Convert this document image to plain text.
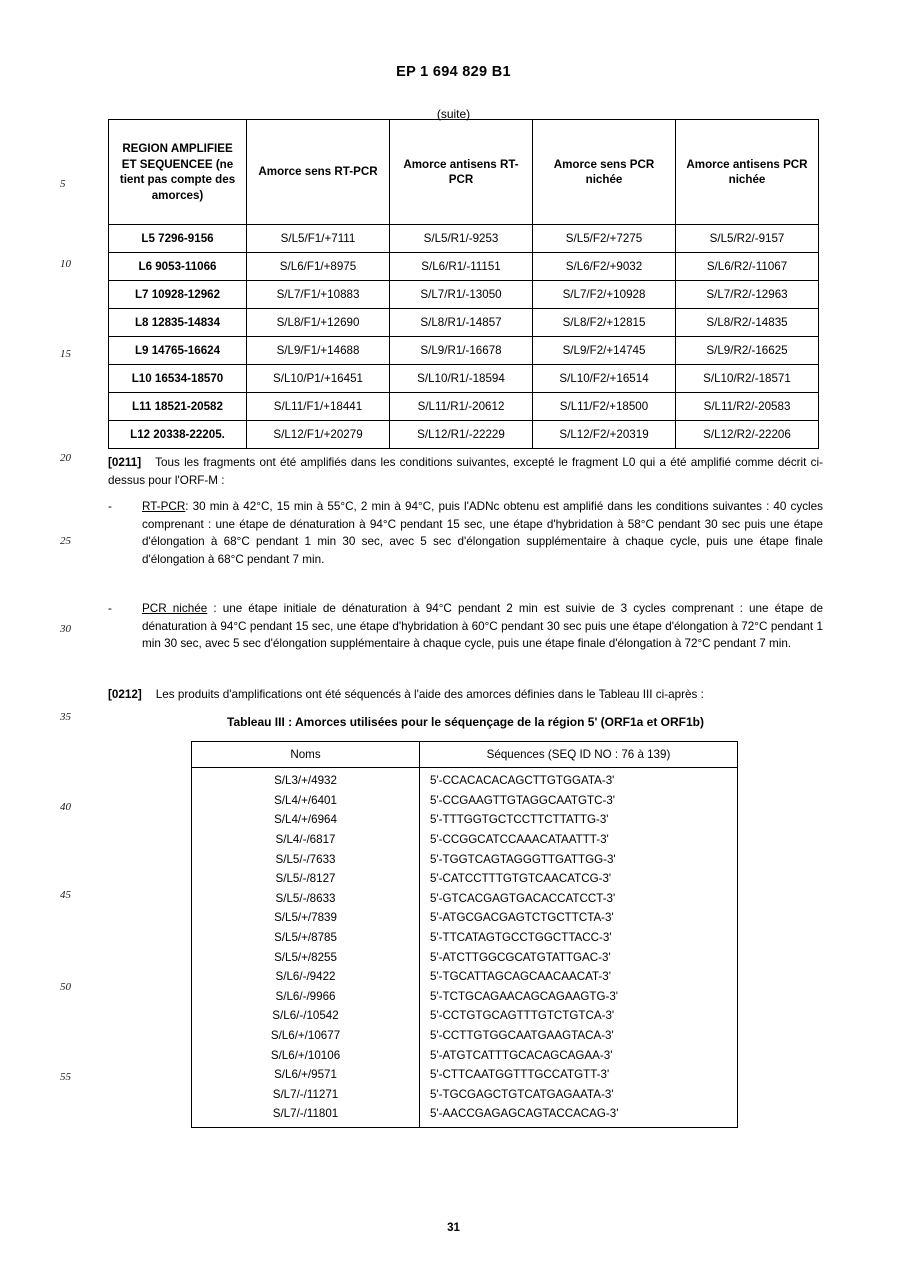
5
10
15
20
25
30
35
40
45
50
55
EP 1 694 829 B1
(suite)
REGION AMPLIFIEE ET SEQUENCEE (ne tient pas compte des amorces)	Amorce sens RT-PCR	Amorce antisens RT-PCR	Amorce sens PCR nichée	Amorce antisens PCR nichée
L5 7296-9156	S/L5/F1/+7111	S/L5/R1/-9253	S/L5/F2/+7275	S/L5/R2/-9157
L6 9053-11066	S/L6/F1/+8975	S/L6/R1/-11151	S/L6/F2/+9032	S/L6/R2/-11067
L7 10928-12962	S/L7/F1/+10883	S/L7/R1/-13050	S/L7/F2/+10928	S/L7/R2/-12963
L8 12835-14834	S/L8/F1/+12690	S/L8/R1/-14857	S/L8/F2/+12815	S/L8/R2/-14835
L9 14765-16624	S/L9/F1/+14688	S/L9/R1/-16678	S/L9/F2/+14745	S/L9/R2/-16625
L10 16534-18570	S/L10/P1/+16451	S/L10/R1/-18594	S/L10/F2/+16514	S/L10/R2/-18571
L11 18521-20582	S/L11/F1/+18441	S/L11/R1/-20612	S/L11/F2/+18500	S/L11/R2/-20583
L12 20338-22205.	S/L12/F1/+20279	S/L12/R1/-22229	S/L12/F2/+20319	S/L12/R2/-22206
[0211] Tous les fragments ont été amplifiés dans les conditions suivantes, excepté le fragment L0 qui a été amplifié comme décrit ci-dessus pour l'ORF-M :
-	RT-PCR: 30 min à 42°C, 15 min à 55°C, 2 min à 94°C, puis l'ADNc obtenu est amplifié dans les conditions suivantes : 40 cycles comprenant : une étape de dénaturation à 94°C pendant 15 sec, une étape d'hybridation à 58°C pendant 30 sec puis une étape d'élongation à 68°C pendant 1 min 30 sec, avec 5 sec d'élongation supplémentaire à chaque cycle, puis une étape finale d'élongation à 68°C pendant 7 min.
-	PCR nichée : une étape initiale de dénaturation à 94°C pendant 2 min est suivie de 3 cycles comprenant : une étape de dénaturation à 94°C pendant 15 sec, une étape d'hybridation à 60°C pendant 30 sec puis une étape d'élongation à 72°C pendant 1 min 30 sec, avec 5 sec d'élongation supplémentaire à chaque cycle, puis une étape finale d'élongation à 72°C pendant 7 min.
[0212] Les produits d'amplifications ont été séquencés à l'aide des amorces définies dans le Tableau III ci-après :
Tableau III : Amorces utilisées pour le séquençage de la région 5' (ORF1a et ORF1b)
Noms	Séquences (SEQ ID NO : 76 à 139)
S/L3/+/4932	5'-CCACACACAGCTTGTGGATA-3'
S/L4/+/6401	5'-CCGAAGTTGTAGGCAATGTC-3'
S/L4/+/6964	5'-TTTGGTGCTCCTTCTTATTG-3'
S/L4/-/6817	5'-CCGGCATCCAAACATAATTT-3'
S/L5/-/7633	5'-TGGTCAGTAGGGTTGATTGG-3'
S/L5/-/8127	5'-CATCCTTTGTGTCAACATCG-3'
S/L5/-/8633	5'-GTCACGAGTGACACCATCCT-3'
S/L5/+/7839	5'-ATGCGACGAGTCTGCTTCTA-3'
S/L5/+/8785	5'-TTCATAGTGCCTGGCTTACC-3'
S/L5/+/8255	5'-ATCTTGGCGCATGTATTGAC-3'
S/L6/-/9422	5'-TGCATTAGCAGCAACAACAT-3'
S/L6/-/9966	5'-TCTGCAGAACAGCAGAAGTG-3'
S/L6/-/10542	5'-CCTGTGCAGTTTGTCTGTCA-3'
S/L6/+/10677	5'-CCTTGTGGCAATGAAGTACA-3'
S/L6/+/10106	5'-ATGTCATTTGCACAGCAGAA-3'
S/L6/+/9571	5'-CTTCAATGGTTTGCCATGTT-3'
S/L7/-/11271	5'-TGCGAGCTGTCATGAGAATA-3'
S/L7/-/11801	5'-AACCGAGAGCAGTACCACAG-3'
31
